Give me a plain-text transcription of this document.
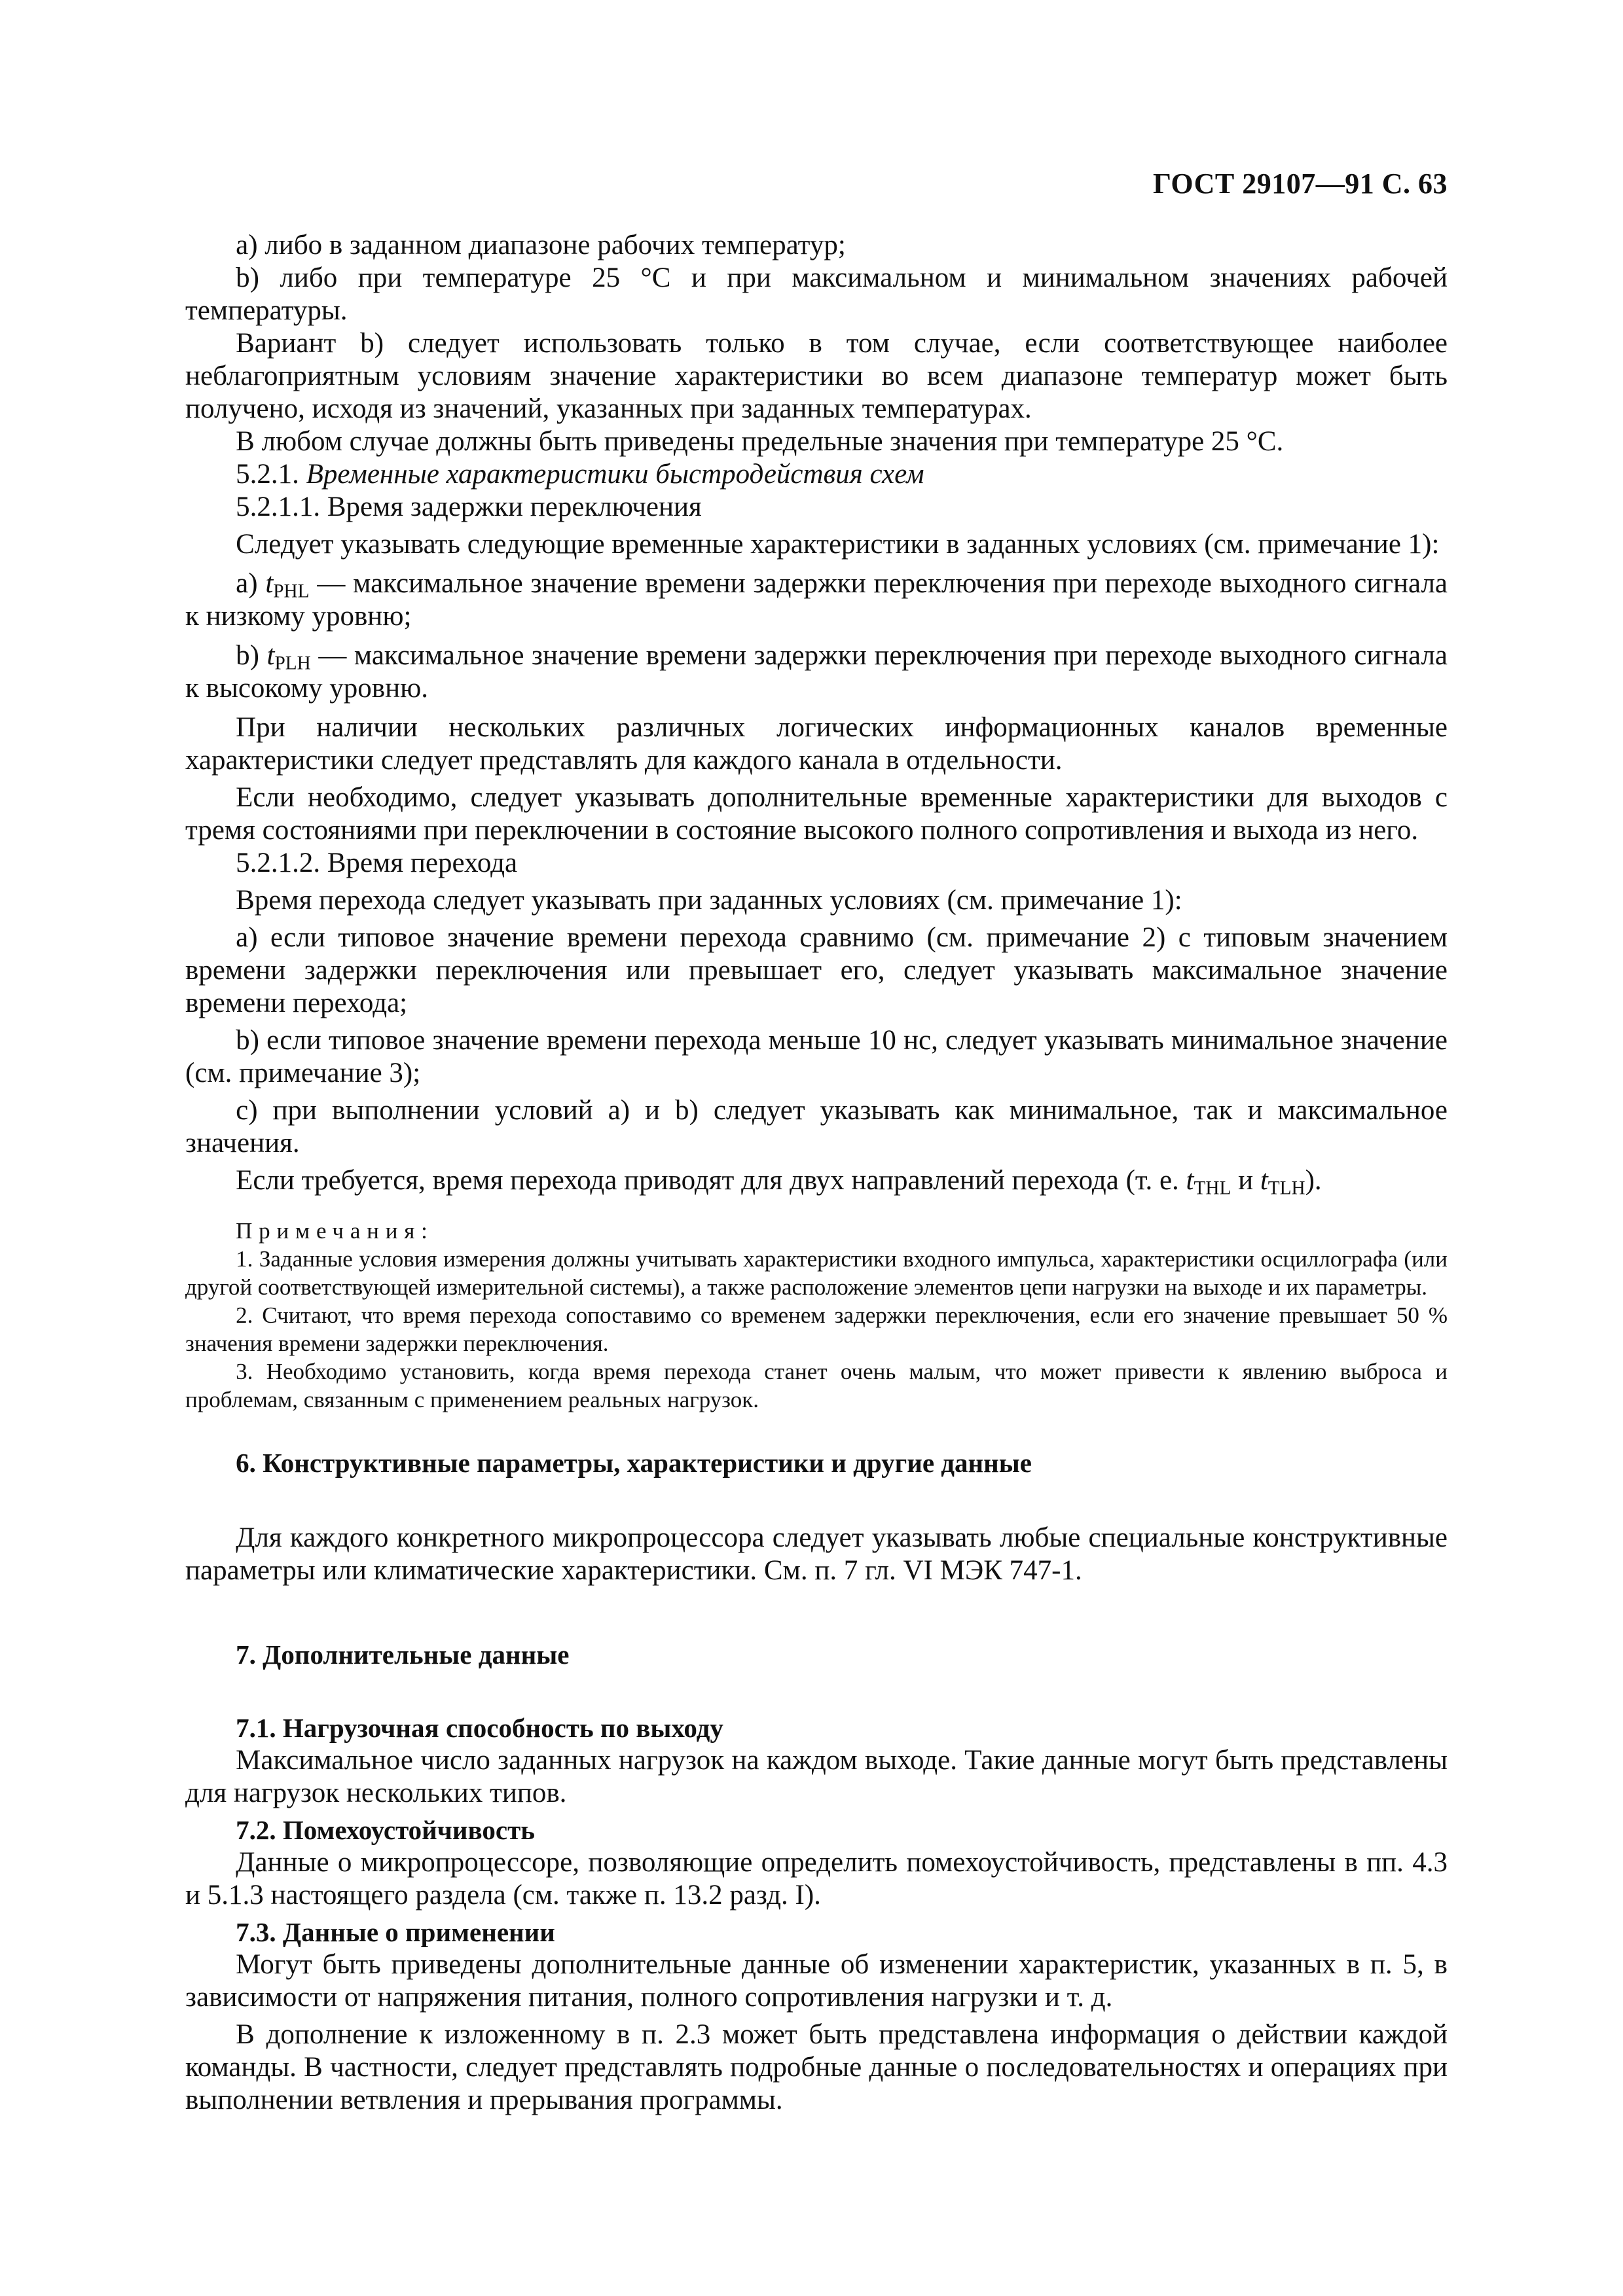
ГОСТ 29107—91 С. 63

a) либо в заданном диапазоне рабочих температур;

b) либо при температуре 25 °С и при максимальном и минимальном значениях рабочей температуры.

Вариант b) следует использовать только в том случае, если соответствующее наиболее неблагоприятным условиям значение характеристики во всем диапазоне температур может быть получено, исходя из значений, указанных при заданных температурах.

В любом случае должны быть приведены предельные значения при температуре 25 °С.

5.2.1. Временные характеристики быстродействия схем

5.2.1.1. Время задержки переключения

Следует указывать следующие временные характеристики в заданных условиях (см. примечание 1):

a) $t_{PHL}$ — максимальное значение времени задержки переключения при переходе выходного сигнала к низкому уровню;

b) $t_{PLH}$ — максимальное значение времени задержки переключения при переходе выходного сигнала к высокому уровню.

При наличии нескольких различных логических информационных каналов временные характеристики следует представлять для каждого канала в отдельности.

Если необходимо, следует указывать дополнительные временные характеристики для выходов с тремя состояниями при переключении в состояние высокого полного сопротивления и выхода из него.

5.2.1.2. Время перехода

Время перехода следует указывать при заданных условиях (см. примечание 1):

a) если типовое значение времени перехода сравнимо (см. примечание 2) с типовым значением времени задержки переключения или превышает его, следует указывать максимальное значение времени перехода;

b) если типовое значение времени перехода меньше 10 нс, следует указывать минимальное значение (см. примечание 3);

c) при выполнении условий a) и b) следует указывать как минимальное, так и максимальное значения.

Если требуется, время перехода приводят для двух направлений перехода (т. е. $t_{THL}$ и $t_{TLH}$).

Примечания:

1. Заданные условия измерения должны учитывать характеристики входного импульса, характеристики осциллографа (или другой соответствующей измерительной системы), а также расположение элементов цепи нагрузки на выходе и их параметры.

2. Считают, что время перехода сопоставимо со временем задержки переключения, если его значение превышает 50 % значения времени задержки переключения.

3. Необходимо установить, когда время перехода станет очень малым, что может привести к явлению выброса и проблемам, связанным с применением реальных нагрузок.

6. Конструктивные параметры, характеристики и другие данные

Для каждого конкретного микропроцессора следует указывать любые специальные конструктивные параметры или климатические характеристики. См. п. 7 гл. VI МЭК 747-1.

7. Дополнительные данные
7.1. Нагрузочная способность по выходу

Максимальное число заданных нагрузок на каждом выходе. Такие данные могут быть представлены для нагрузок нескольких типов.

7.2. Помехоустойчивость

Данные о микропроцессоре, позволяющие определить помехоустойчивость, представлены в пп. 4.3 и 5.1.3 настоящего раздела (см. также п. 13.2 разд. I).

7.3. Данные о применении

Могут быть приведены дополнительные данные об изменении характеристик, указанных в п. 5, в зависимости от напряжения питания, полного сопротивления нагрузки и т. д.

В дополнение к изложенному в п. 2.3 может быть представлена информация о действии каждой команды. В частности, следует представлять подробные данные о последовательностях и операциях при выполнении ветвления и прерывания программы.
